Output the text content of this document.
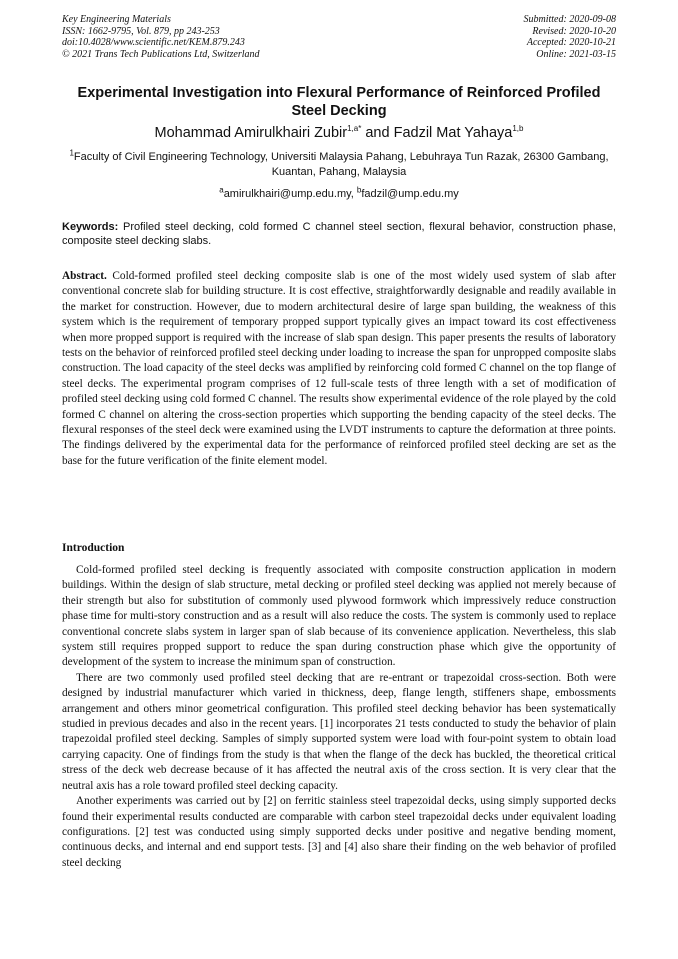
Key Engineering Materials
ISSN: 1662-9795, Vol. 879, pp 243-253
doi:10.4028/www.scientific.net/KEM.879.243
© 2021 Trans Tech Publications Ltd, Switzerland
Submitted: 2020-09-08
Revised: 2020-10-20
Accepted: 2020-10-21
Online: 2021-03-15
Experimental Investigation into Flexural Performance of Reinforced Profiled Steel Decking
Mohammad Amirulkhairi Zubir$^{1,a*}$ and Fadzil Mat Yahaya$^{1,b}$
$^1$Faculty of Civil Engineering Technology, Universiti Malaysia Pahang, Lebuhraya Tun Razak, 26300 Gambang, Kuantan, Pahang, Malaysia
$^a$amirulkhairi@ump.edu.my, $^b$fadzil@ump.edu.my
Keywords: Profiled steel decking, cold formed C channel steel section, flexural behavior, construction phase, composite steel decking slabs.
Abstract. Cold-formed profiled steel decking composite slab is one of the most widely used system of slab after conventional concrete slab for building structure. It is cost effective, straightforwardly designable and readily available in the market for construction. However, due to modern architectural desire of large span building, the weakness of this system which is the requirement of temporary propped support typically gives an impact toward its cost effectiveness when more propped support is required with the increase of slab span design. This paper presents the results of laboratory tests on the behavior of reinforced profiled steel decking under loading to increase the span for unpropped composite slabs construction. The load capacity of the steel decks was amplified by reinforcing cold formed C channel on the top flange of steel decks. The experimental program comprises of 12 full-scale tests of three length with a set of modification of profiled steel decking using cold formed C channel. The results show experimental evidence of the role played by the cold formed C channel on altering the cross-section properties which supporting the bending capacity of the steel decks. The flexural responses of the steel deck were examined using the LVDT instruments to capture the deformation at three points. The findings delivered by the experimental data for the performance of reinforced profiled steel decking are set as the base for the future verification of the finite element model.
Introduction

Cold-formed profiled steel decking is frequently associated with composite construction application in modern buildings. Within the design of slab structure, metal decking or profiled steel decking was applied not merely because of their strength but also for substitution of commonly used plywood formwork which impressively reduce construction phase time for multi-story construction and as a result will also reduce the costs. The system is commonly used to replace conventional concrete slabs system in larger span of slab because of its convenience application. Nevertheless, this slab system still requires propped support to reduce the span during construction phase which give the opportunity of development of the system to increase the minimum span of construction.

There are two commonly used profiled steel decking that are re-entrant or trapezoidal cross-section. Both were designed by industrial manufacturer which varied in thickness, deep, flange length, stiffeners shape, embossments arrangement and others minor geometrical configuration. This profiled steel decking behavior has been systematically studied in previous decades and also in the recent years. [1] incorporates 21 tests conducted to study the behavior of plain trapezoidal profiled steel decking. Samples of simply supported system were load with four-point system to obtain load carrying capacity. One of findings from the study is that when the flange of the deck has buckled, the theoretical critical stress of the deck web decrease because of it has affected the neutral axis of the cross section. It is very clear that the neutral axis has a role toward profiled steel decking capacity.

Another experiments was carried out by [2] on ferritic stainless steel trapezoidal decks, using simply supported decks found their experimental results conducted are comparable with carbon steel trapezoidal decks under equivalent loading configurations. [2] test was conducted using simply supported decks under positive and negative bending moment, continuous decks, and internal and end support tests. [3] and [4] also share their finding on the web behavior of profiled steel decking
